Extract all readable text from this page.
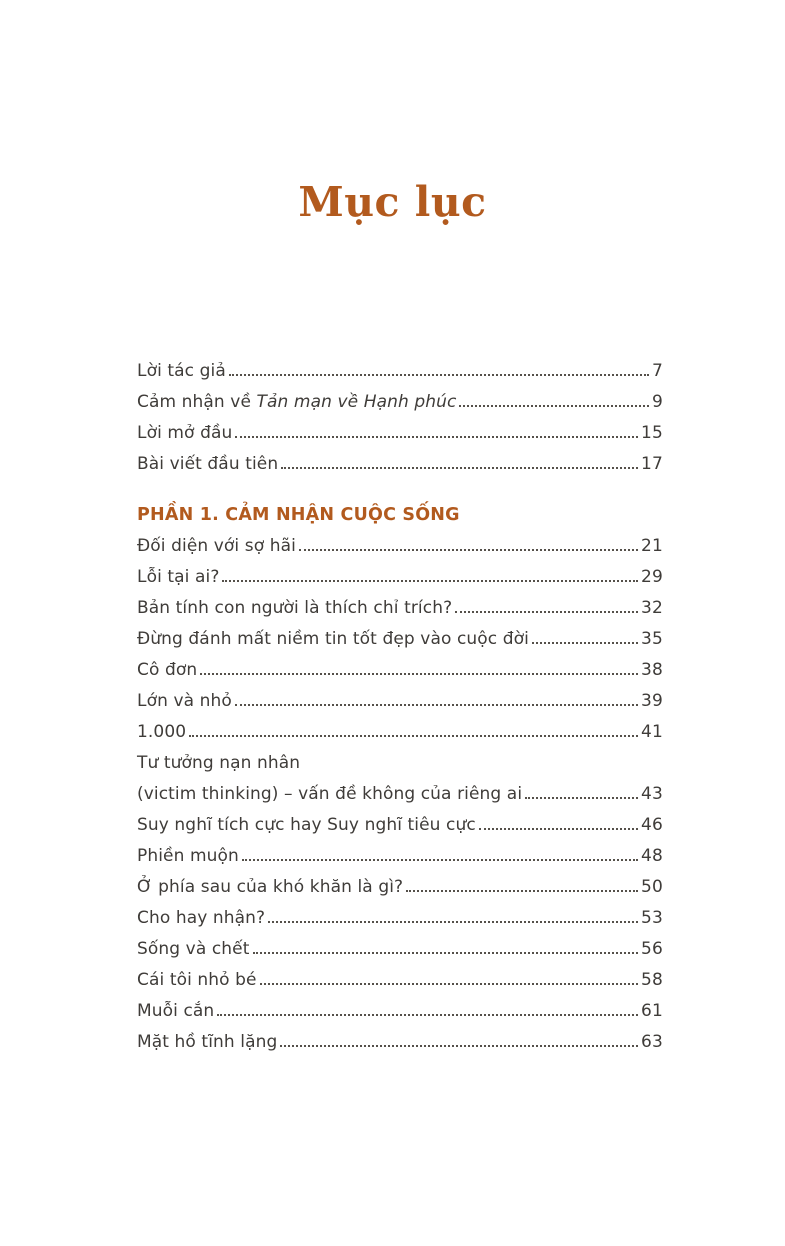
Mục lục
Lời tác giả	7
Cảm nhận về Tản mạn về Hạnh phúc	9
Lời mở đầu	15
Bài viết đầu tiên	17
PHẦN 1. CẢM NHẬN CUỘC SỐNG
Đối diện với sợ hãi	21
Lỗi tại ai?	29
Bản tính con người là thích chỉ trích?	32
Đừng đánh mất niềm tin tốt đẹp vào cuộc đời	35
Cô đơn	38
Lớn và nhỏ	39
1.000	41
Tư tưởng nạn nhân
(victim thinking) – vấn đề không của riêng ai	43
Suy nghĩ tích cực hay Suy nghĩ tiêu cực	46
Phiền muộn	48
Ở phía sau của khó khăn là gì?	50
Cho hay nhận?	53
Sống và chết	56
Cái tôi nhỏ bé	58
Muỗi cắn	61
Mặt hồ tĩnh lặng	63
